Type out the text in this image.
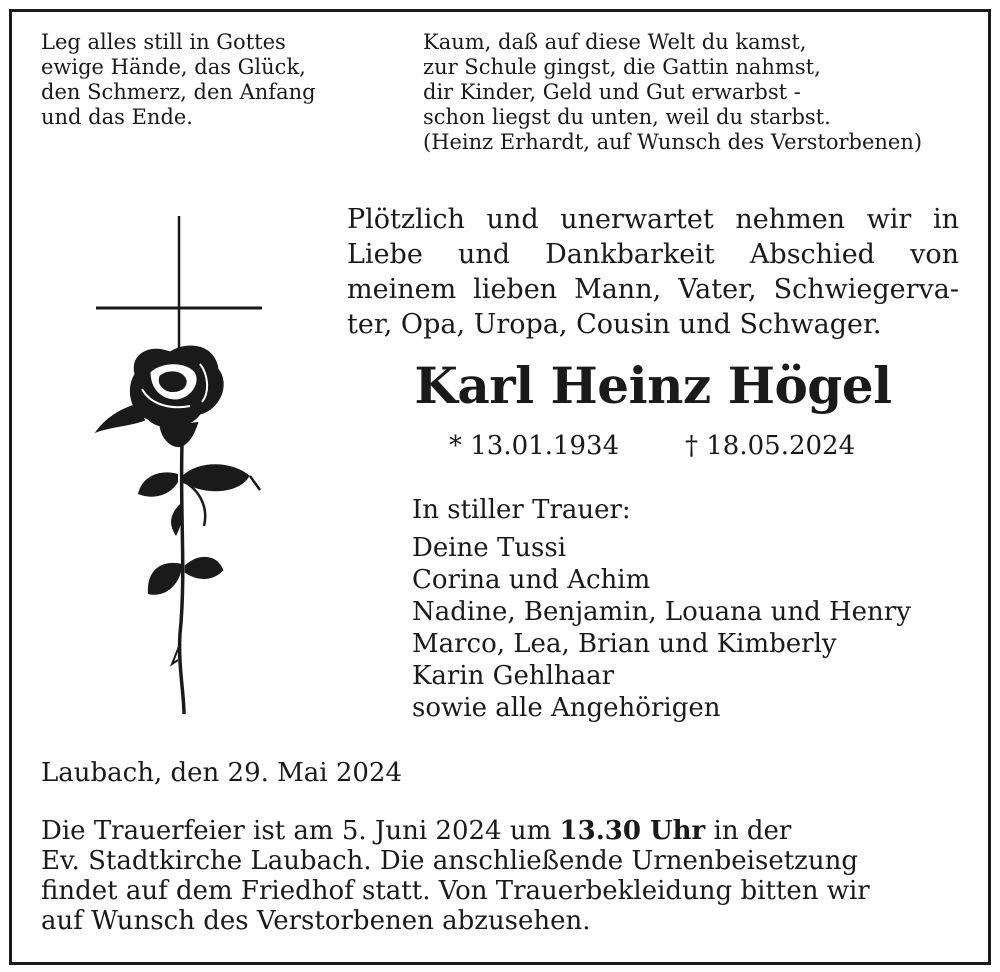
Leg alles still in Gottes
ewige Hände, das Glück,
den Schmerz, den Anfang
und das Ende.
Kaum, daß auf diese Welt du kamst,
zur Schule gingst, die Gattin nahmst,
dir Kinder, Geld und Gut erwarbst -
schon liegst du unten, weil du starbst.
(Heinz Erhardt, auf Wunsch des Verstorbenen)
Plötzlich und unerwartet nehmen wir in
Liebe und Dankbarkeit Abschied von
meinem lieben Mann, Vater, Schwiegerva-
ter, Opa, Uropa, Cousin und Schwager.
Karl Heinz Högel
* 13.01.1934	† 18.05.2024
In stiller Trauer:
Deine Tussi
Corina und Achim
Nadine, Benjamin, Louana und Henry
Marco, Lea, Brian und Kimberly
Karin Gehlhaar
sowie alle Angehörigen
Laubach, den 29. Mai 2024
Die Trauerfeier ist am 5. Juni 2024 um 13.30 Uhr in der
Ev. Stadtkirche Laubach. Die anschließende Urnenbeisetzung
findet auf dem Friedhof statt. Von Trauerbekleidung bitten wir
auf Wunsch des Verstorbenen abzusehen.
